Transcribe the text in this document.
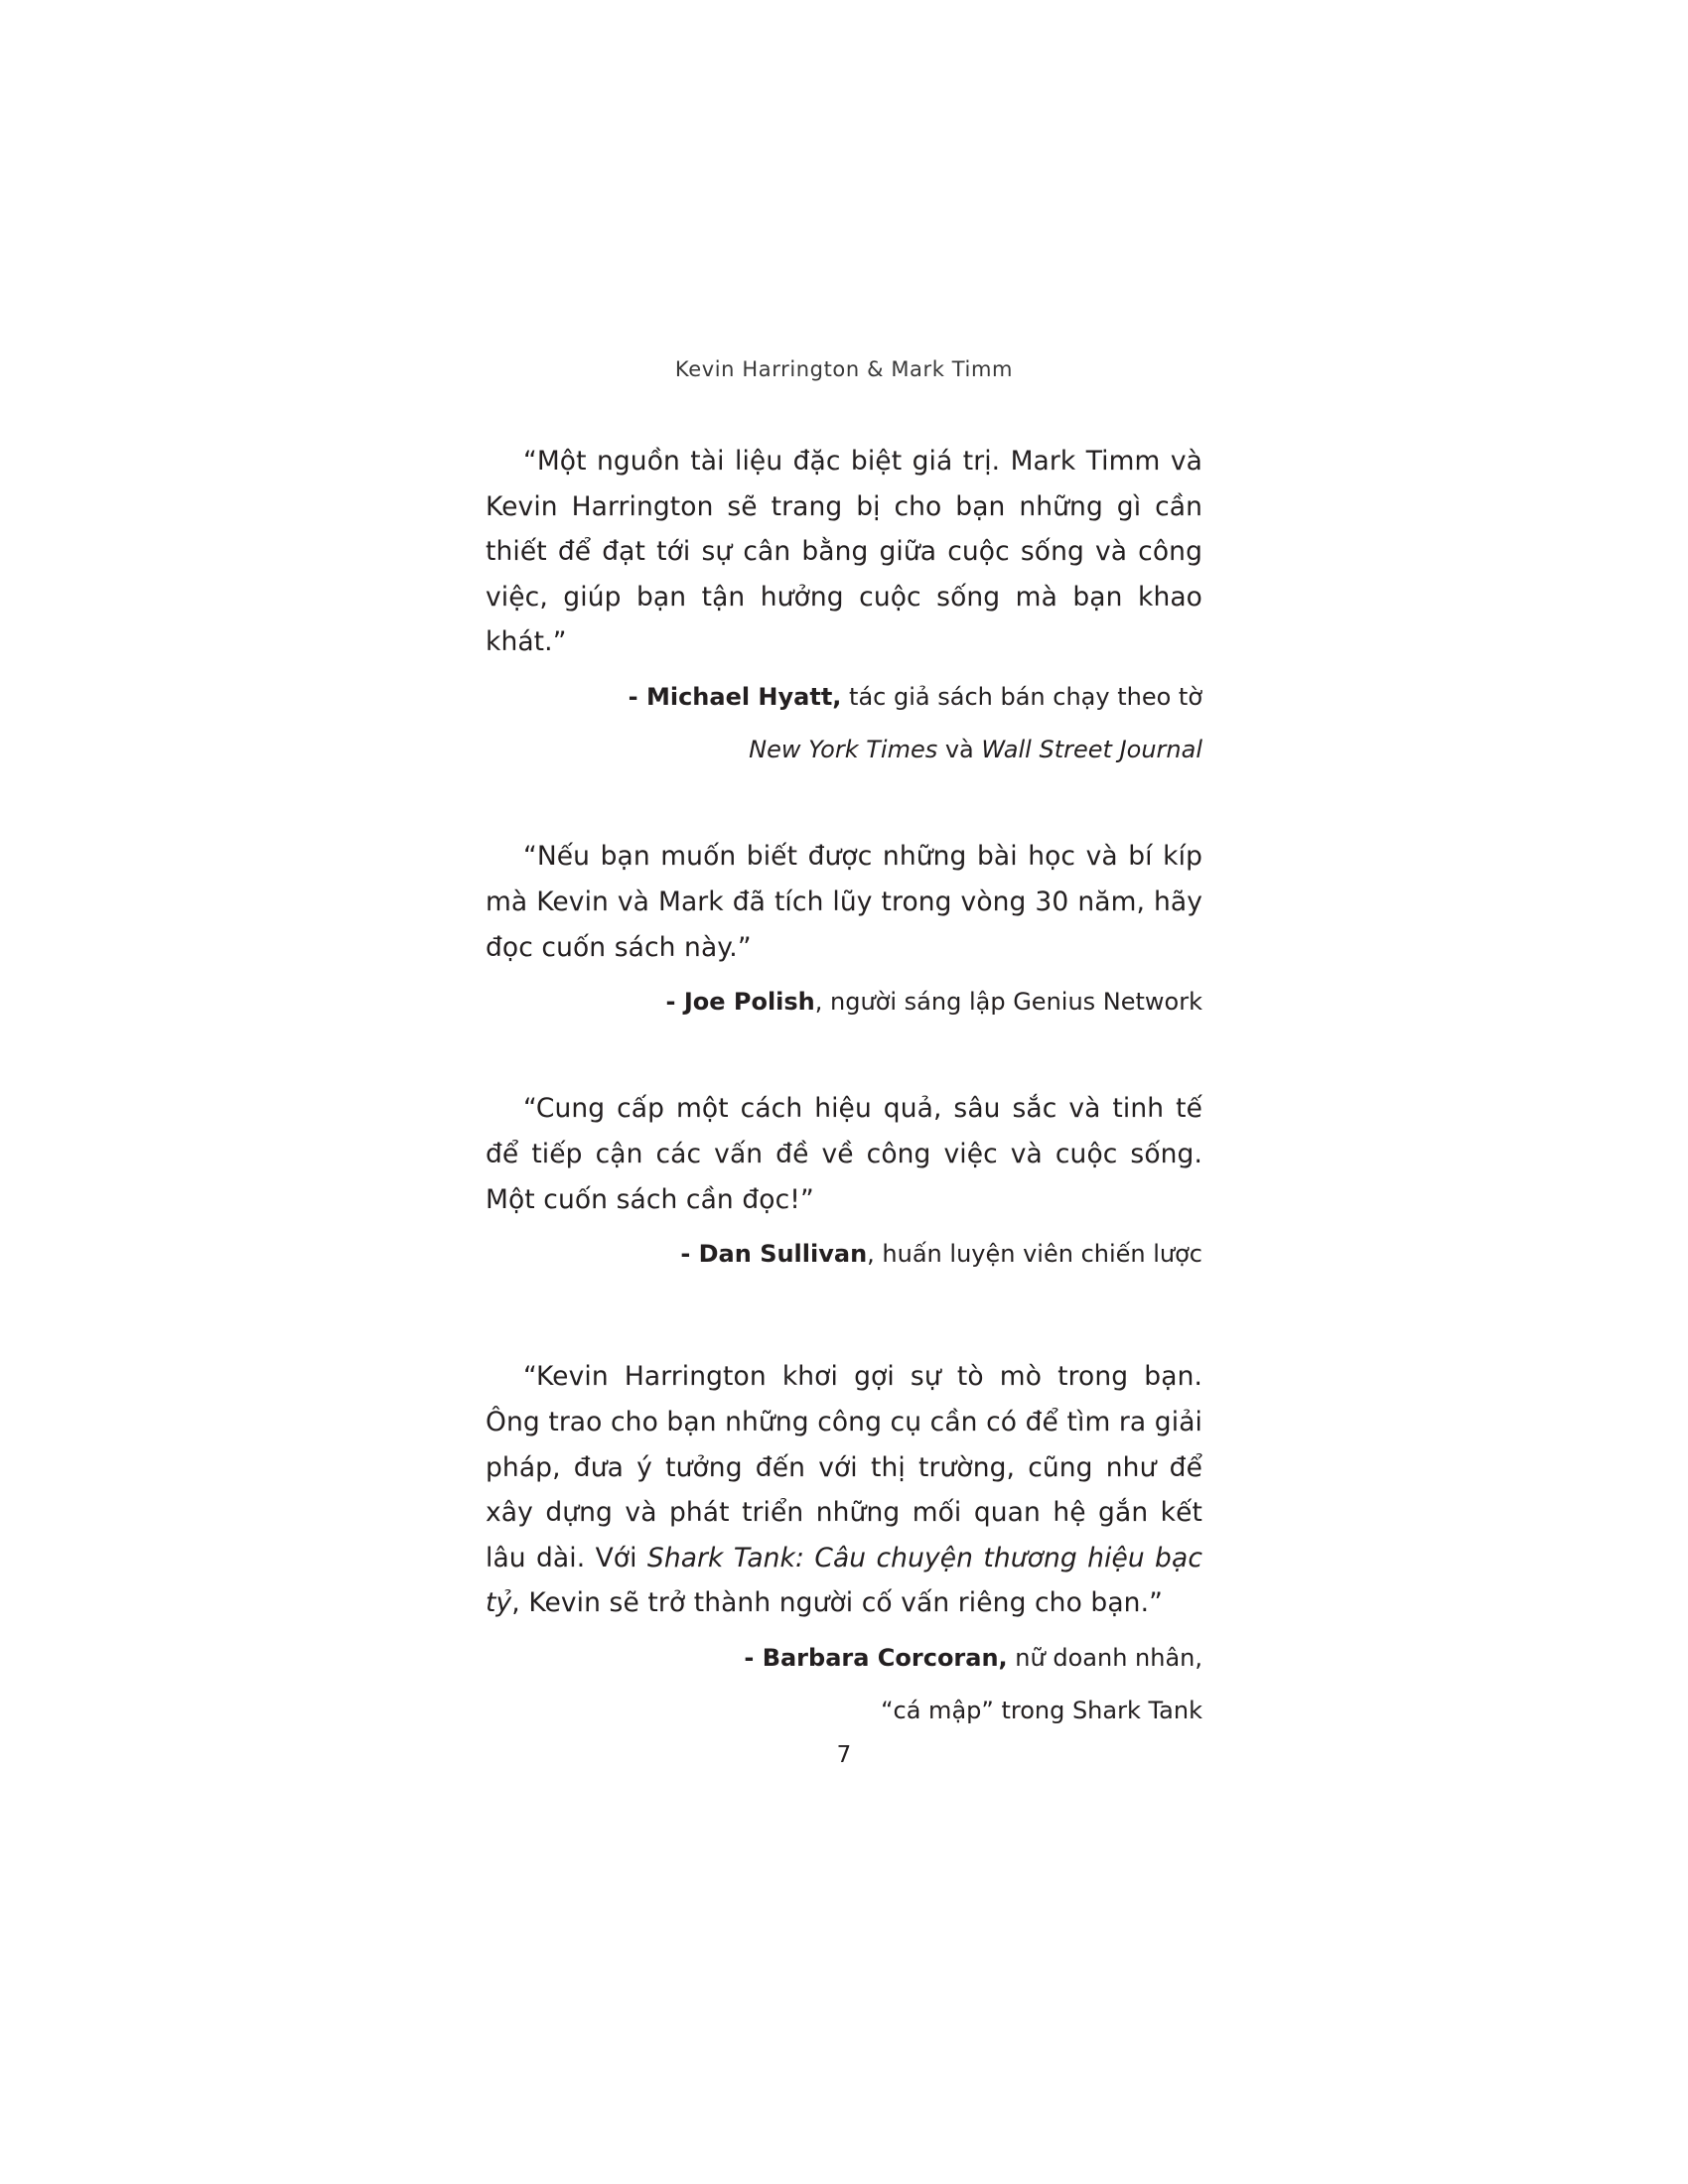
Kevin Harrington & Mark Timm

“Một nguồn tài liệu đặc biệt giá trị. Mark Timm và Kevin Harrington sẽ trang bị cho bạn những gì cần thiết để đạt tới sự cân bằng giữa cuộc sống và công việc, giúp bạn tận hưởng cuộc sống mà bạn khao khát.”

- Michael Hyatt, tác giả sách bán chạy theo tờ

New York Times và Wall Street Journal

“Nếu bạn muốn biết được những bài học và bí kíp mà Kevin và Mark đã tích lũy trong vòng 30 năm, hãy đọc cuốn sách này.”

- Joe Polish, người sáng lập Genius Network

“Cung cấp một cách hiệu quả, sâu sắc và tinh tế để tiếp cận các vấn đề về công việc và cuộc sống. Một cuốn sách cần đọc!”

- Dan Sullivan, huấn luyện viên chiến lược

“Kevin Harrington khơi gợi sự tò mò trong bạn. Ông trao cho bạn những công cụ cần có để tìm ra giải pháp, đưa ý tưởng đến với thị trường, cũng như để xây dựng và phát triển những mối quan hệ gắn kết lâu dài. Với Shark Tank: Câu chuyện thương hiệu bạc tỷ, Kevin sẽ trở thành người cố vấn riêng cho bạn.”

- Barbara Corcoran, nữ doanh nhân,

“cá mập” trong Shark Tank

7
